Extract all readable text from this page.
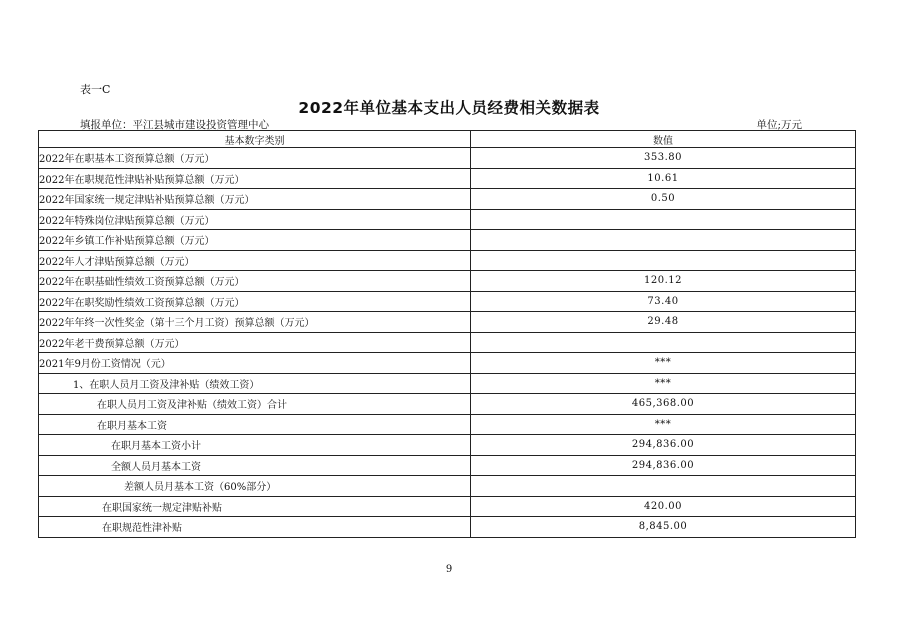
表一C
2022年单位基本支出人员经费相关数据表
填报单位：平江县城市建设投资管理中心	单位;万元
基本数字类别	数值
2022年在职基本工资预算总额（万元）	353.80
2022年在职规范性津贴补贴预算总额（万元）	10.61
2022年国家统一规定津贴补贴预算总额（万元）	0.50
2022年特殊岗位津贴预算总额（万元）	
2022年乡镇工作补贴预算总额（万元）	
2022年人才津贴预算总额（万元）	
2022年在职基础性绩效工资预算总额（万元）	120.12
2022年在职奖励性绩效工资预算总额（万元）	73.40
2022年年终一次性奖金（第十三个月工资）预算总额（万元）	29.48
2022年老干费预算总额（万元）	
2021年9月份工资情况（元）	***
1、在职人员月工资及津补贴（绩效工资）	***
在职人员月工资及津补贴（绩效工资）合计	465,368.00
在职月基本工资	***
在职月基本工资小计	294,836.00
全额人员月基本工资	294,836.00
差额人员月基本工资（60%部分）	
在职国家统一规定津贴补贴	420.00
在职规范性津补贴	8,845.00
9
